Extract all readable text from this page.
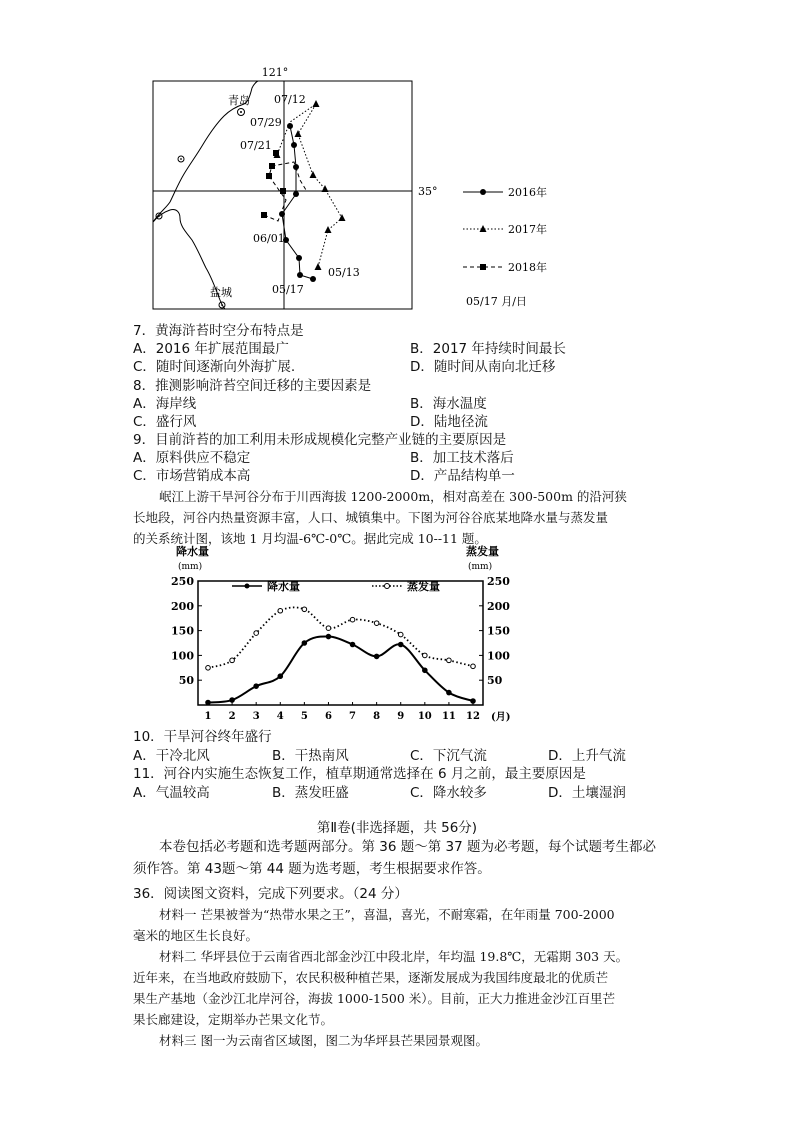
121°
35°
青岛
盐城
07/12
07/29
07/21
06/01
05/13
05/17
2016年
2017年
2018年
05/17 月/日
7．黄海浒苔时空分布特点是
A．2016 年扩展范围最广	B．2017 年持续时间最长
C．随时间逐渐向外海扩展.	D．随时间从南向北迁移
8．推测影响浒苔空间迁移的主要因素是
A．海岸线	B．海水温度
C．盛行风	D．陆地径流
9．目前浒苔的加工利用未形成规模化完整产业链的主要原因是
A．原料供应不稳定	B．加工技术落后
C．市场营销成本高	D．产品结构单一
岷江上游干旱河谷分布于川西海拔 1200-2000m，相对高差在 300-500m 的沿河狭
长地段，河谷内热量资源丰富，人口、城镇集中。下图为河谷谷底某地降水量与蒸发量
的关系统计图，该地 1 月均温-6℃-0℃。据此完成 10--11 题。
降水量
(mm)
蒸发量
(mm)
1 2 3 4 5 6 7 8 9 10 11 12
50	50
100	100
150	150
200	200
250	250
(月)
降水量	蒸发量
10．干旱河谷终年盛行
A．干冷北风	B．干热南风	C．下沉气流	D．上升气流
11．河谷内实施生态恢复工作，植草期通常选择在 6 月之前，最主要原因是
A．气温较高	B．蒸发旺盛	C．降水较多	D．土壤湿润
第Ⅱ卷(非选择题，共 56分)
本卷包括必考题和选考题两部分。第 36 题～第 37 题为必考题，每个试题考生都必
须作答。第 43题～第 44 题为选考题，考生根据要求作答。
36．阅读图文资料，完成下列要求。（24 分）
材料一 芒果被誉为“热带水果之王”，喜温，喜光，不耐寒霜，在年雨量 700-2000
毫米的地区生长良好。
材料二 华坪县位于云南省西北部金沙江中段北岸，年均温 19.8℃，无霜期 303 天。
近年来，在当地政府鼓励下，农民积极种植芒果，逐渐发展成为我国纬度最北的优质芒
果生产基地（金沙江北岸河谷，海拔 1000-1500 米）。目前，正大力推进金沙江百里芒
果长廊建设，定期举办芒果文化节。
材料三 图一为云南省区域图，图二为华坪县芒果园景观图。
